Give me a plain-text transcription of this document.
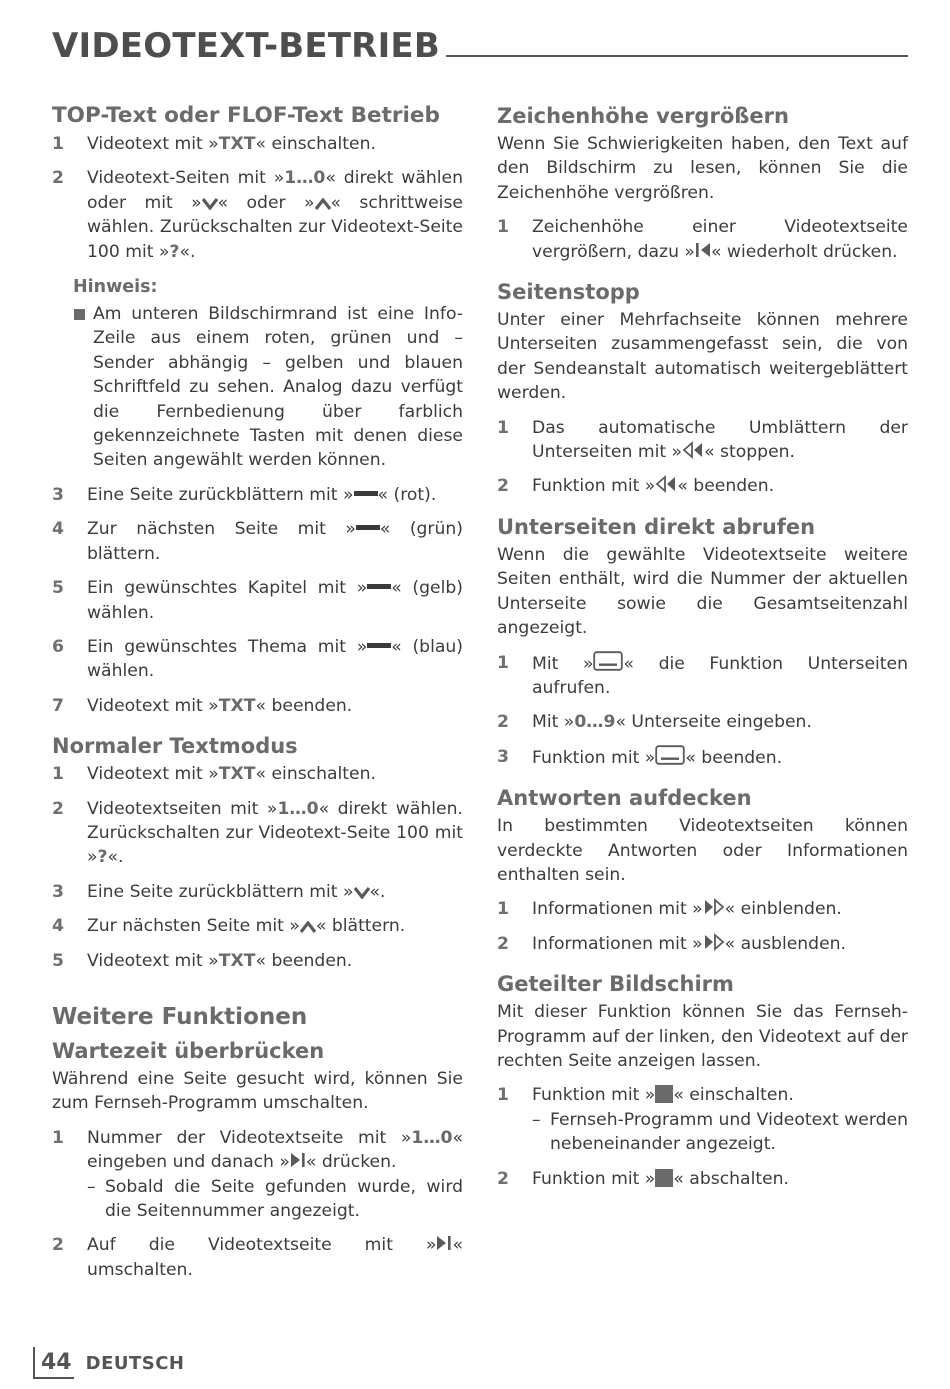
VIDEOTEXT-BETRIEB
TOP-Text oder FLOF-Text Betrieb
1	Videotext mit »TXT« einschalten.
2	Videotext-Seiten mit »1…0« direkt wählen oder mit » « oder » « schrittweise wählen. Zurückschalten zur Videotext-Seite 100 mit »?«.
Hinweis:
Am unteren Bildschirmrand ist eine Info-Zeile aus einem roten, grünen und – Sender abhängig – gelben und blauen Schriftfeld zu sehen. Analog dazu verfügt die Fernbedienung über farblich gekennzeichnete Tasten mit denen diese Seiten angewählt werden können.
3	Eine Seite zurückblättern mit » « (rot).
4	Zur nächsten Seite mit » « (grün) blättern.
5	Ein gewünschtes Kapitel mit » « (gelb) wählen.
6	Ein gewünschtes Thema mit » « (blau) wählen.
7	Videotext mit »TXT« beenden.
Normaler Textmodus
1	Videotext mit »TXT« einschalten.
2	Videotextseiten mit »1…0« direkt wählen. Zurückschalten zur Videotext-Seite 100 mit »?«.
3	Eine Seite zurückblättern mit » «.
4	Zur nächsten Seite mit » « blättern.
5	Videotext mit »TXT« beenden.
Weitere Funktionen
Wartezeit überbrücken
Während eine Seite gesucht wird, können Sie zum Fernseh-Programm umschalten.
1	Nummer der Videotextseite mit »1…0« eingeben und danach » « drücken.
– Sobald die Seite gefunden wurde, wird die Seitennummer angezeigt.
2	Auf die Videotextseite mit » « umschalten.
Zeichenhöhe vergrößern
Wenn Sie Schwierigkeiten haben, den Text auf den Bildschirm zu lesen, können Sie die Zeichenhöhe vergrößren.
1	Zeichenhöhe einer Videotextseite vergrößern, dazu » « wiederholt drücken.
Seitenstopp
Unter einer Mehrfachseite können mehrere Unterseiten zusammengefasst sein, die von der Sendeanstalt automatisch weitergeblättert werden.
1	Das automatische Umblättern der Unterseiten mit » « stoppen.
2	Funktion mit » « beenden.
Unterseiten direkt abrufen
Wenn die gewählte Videotextseite weitere Seiten enthält, wird die Nummer der aktuellen Unterseite sowie die Gesamtseitenzahl angezeigt.
1	Mit » « die Funktion Unterseiten aufrufen.
2	Mit »0…9« Unterseite eingeben.
3	Funktion mit » « beenden.
Antworten aufdecken
In bestimmten Videotextseiten können verdeckte Antworten oder Informationen enthalten sein.
1	Informationen mit » « einblenden.
2	Informationen mit » « ausblenden.
Geteilter Bildschirm
Mit dieser Funktion können Sie das Fernseh-Programm auf der linken, den Videotext auf der rechten Seite anzeigen lassen.
1	Funktion mit » « einschalten.
– Fernseh-Programm und Videotext werden nebeneinander angezeigt.
2	Funktion mit » « abschalten.
44 DEUTSCH
